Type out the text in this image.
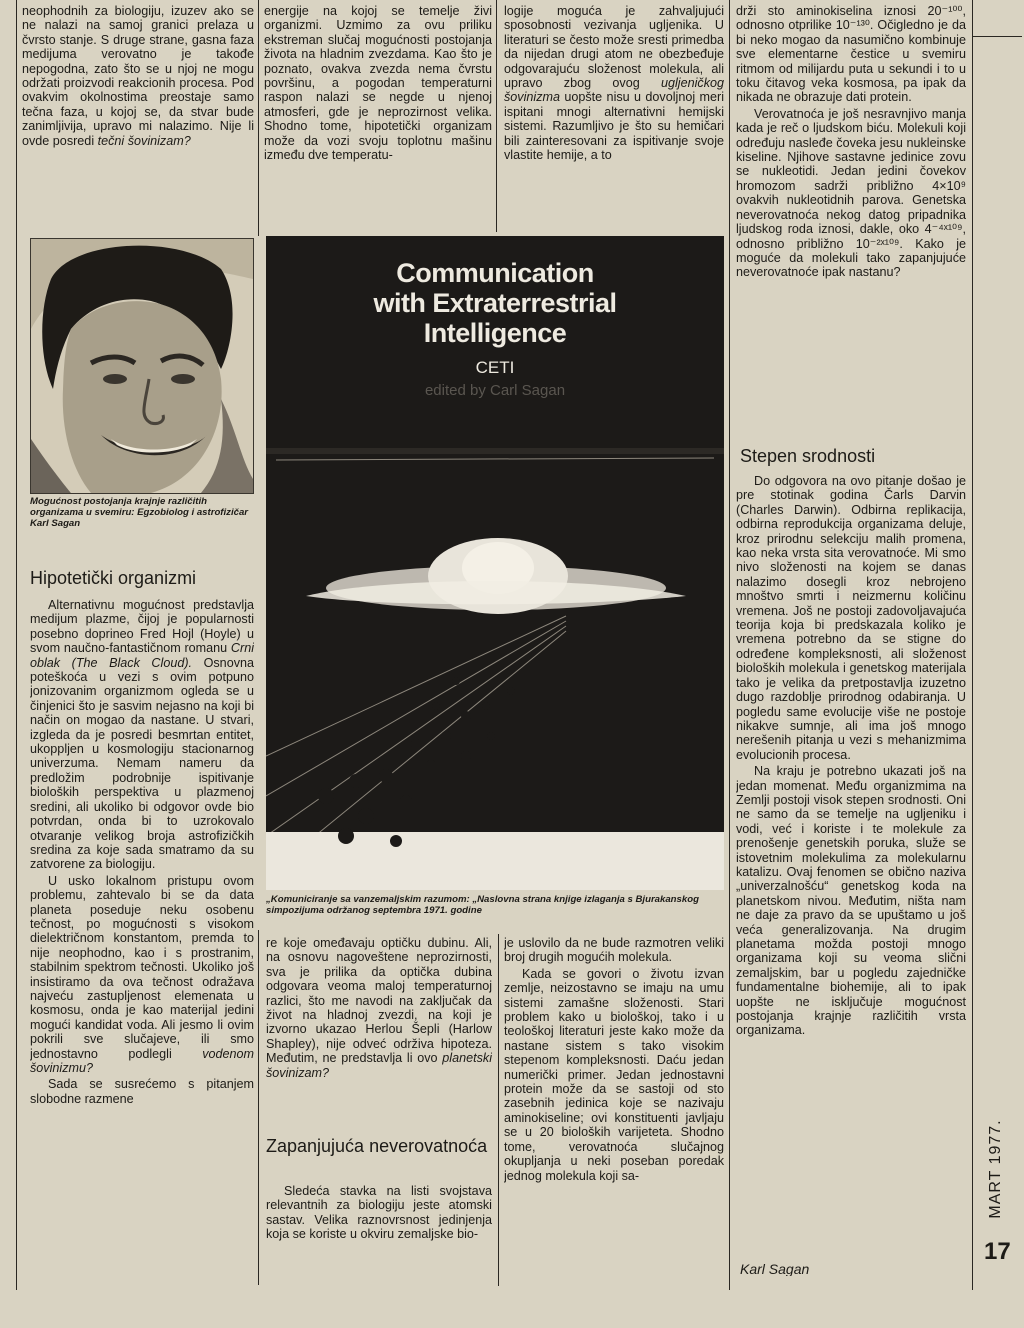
neophodnih za biologiju, izuzev ako se ne nalazi na samoj granici prelaza u čvrsto stanje. S druge strane, gasna faza medijuma verovatno je takođe nepogodna, zato što se u njoj ne mogu održati proizvodi reakcionih procesa. Pod ovakvim okolnostima preostaje samo tečna faza, u kojoj se, da stvar bude zanimljivija, upravo mi nalazimo. Nije li ovde posredi tečni šovinizam?

Mogućnost postojanja krajnje različitih organizama u svemiru: Egzobiolog i astrofizičar Karl Sagan
Hipotetički organizmi

Alternativnu mogućnost predstavlja medijum plazme, čijoj je popularnosti posebno doprineo Fred Hojl (Hoyle) u svom naučno-fantastičnom romanu Crni oblak (The Black Cloud). Osnovna poteškoća u vezi s ovim potpuno jonizovanim organizmom ogleda se u činjenici što je sasvim nejasno na koji bi način on mogao da nastane. U stvari, izgleda da je posredi besmrtan entitet, ukoppljen u kosmologiju stacionarnog univerzuma. Nemam nameru da predložim podrobnije ispitivanje bioloških perspektiva u plazmenoj sredini, ali ukoliko bi odgovor ovde bio potvrdan, onda bi to uzrokovalo otvaranje velikog broja astrofizičkih sredina za koje sada smatramo da su zatvorene za biologiju.

U usko lokalnom pristupu ovom problemu, zahtevalo bi se da data planeta poseduje neku osobenu tečnost, po mogućnosti s visokom dielektričnom konstantom, premda to nije neophodno, kao i s prostranim, stabilnim spektrom tečnosti. Ukoliko još insistiramo da ova tečnost odražava najveću zastupljenost elemenata u kosmosu, onda je kao materijal jedini mogući kandidat voda. Ali jesmo li ovim pokrili sve slučajeve, ili smo jednostavno podlegli vodenom šovinizmu?

Sada se susrećemo s pitanjem slobodne razmene

energije na kojoj se temelje živi organizmi. Uzmimo za ovu priliku ekstreman slučaj mogućnosti postojanja života na hladnim zvezdama. Kao što je poznato, ovakva zvezda nema čvrstu površinu, a pogodan temperaturni raspon nalazi se negde u njenoj atmosferi, gde je neprozirnost velika. Shodno tome, hipotetički organizam može da vozi svoju toplotnu mašinu između dve temperatu-

logije moguća je zahvaljujući sposobnosti vezivanja ugljenika. U literaturi se često može sresti primedba da nijedan drugi atom ne obezbeđuje odgovarajuću složenost molekula, ali upravo zbog ovog ugljeničkog šovinizma uopšte nisu u dovoljnoj meri ispitani mnogi alternativni hemijski sistemi. Razumljivo je što su hemičari bili zainteresovani za ispitivanje svoje vlastite hemije, a to

Communication
with Extraterrestrial
Intelligence
CETI
edited by Carl Sagan
„Komuniciranje sa vanzemaljskim razumom: „Naslovna strana knjige izlaganja s Bjurakanskog simpozijuma održanog septembra 1971. godine

re koje omeđavaju optičku dubinu. Ali, na osnovu nagoveštene neprozirnosti, sva je prilika da optička dubina odgovara veoma maloj temperaturnoj razlici, što me navodi na zaključak da život na hladnoj zvezdi, na koji je izvorno ukazao Herlou Šepli (Harlow Shapley), nije odveć održiva hipoteza. Međutim, ne predstavlja li ovo planetski šovinizam?

Zapanjujuća neverovatnoća

Sledeća stavka na listi svojstava relevantnih za biologiju jeste atomski sastav. Velika raznovrsnost jedinjenja koja se koriste u okviru zemaljske bio-

je uslovilo da ne bude razmotren veliki broj drugih mogućih molekula.

Kada se govori o životu izvan zemlje, neizostavno se imaju na umu sistemi zamašne složenosti. Stari problem kako u biološkoj, tako i u teološkoj literaturi jeste kako može da nastane sistem s tako visokim stepenom kompleksnosti. Daću jedan numerički primer. Jedan jednostavni protein može da se sastoji od sto zasebnih jedinica koje se nazivaju aminokiseline; ovi konstituenti javljaju se u 20 bioloških varijeteta. Shodno tome, verovatnoća slučajnog okupljanja u neki poseban poredak jednog molekula koji sa-

drži sto aminokiselina iznosi 20⁻¹⁰⁰, odnosno otprilike 10⁻¹³⁰. Očigledno je da bi neko mogao da nasumično kombinuje sve elementarne čestice u svemiru ritmom od milijardu puta u sekundi i to u toku čitavog veka kosmosa, pa ipak da nikada ne obrazuje dati protein.

Verovatnoća je još nesravnjivo manja kada je reč o ljudskom biću. Molekuli koji određuju nasleđe čoveka jesu nukleinske kiseline. Njihove sastavne jedinice zovu se nukleotidi. Jedan jedini čovekov hromozom sadrži približno 4×10⁹ ovakvih nukleotidnih parova. Genetska neverovatnoća nekog datog pripadnika ljudskog roda iznosi, dakle, oko 4⁻⁴ˣ¹⁰⁹, odnosno približno 10⁻²ˣ¹⁰⁹. Kako je moguće da molekuli tako zapanjujuće neverovatnoće ipak nastanu?

Stepen srodnosti

Do odgovora na ovo pitanje došao je pre stotinak godina Čarls Darvin (Charles Darwin). Odbirna replikacija, odbirna reprodukcija organizama deluje, kroz prirodnu selekciju malih promena, kao neka vrsta sita verovatnoće. Mi smo nivo složenosti na kojem se danas nalazimo dosegli kroz nebrojeno mnoštvo smrti i neizmernu količinu vremena. Još ne postoji zadovoljavajuća teorija koja bi predskazala koliko je vremena potrebno da se stigne do određene kompleksnosti, ali složenost bioloških molekula i genetskog materijala tako je velika da pretpostavlja izuzetno dugo razdoblje prirodnog odabiranja. U pogledu same evolucije više ne postoje nikakve sumnje, ali ima još mnogo nerešenih pitanja u vezi s mehanizmima evolucionih procesa.

Na kraju je potrebno ukazati još na jedan momenat. Među organizmima na Zemlji postoji visok stepen srodnosti. Oni ne samo da se temelje na ugljeniku i vodi, već i koriste i te molekule za prenošenje genetskih poruka, služe se istovetnim molekulima za molekularnu katalizu. Ovaj fenomen se obično naziva „univerzalnošću“ genetskog koda na planetskom nivou. Međutim, ništa nam ne daje za pravo da se upuštamo u još veća generalizovanja. Na drugim planetama možda postoji mnogo organizama koji su veoma slični zemaljskim, bar u pogledu zajedničke fundamentalne biohemije, ali to ipak uopšte ne isključuje mogućnost postojanja krajnje različitih vrsta organizama.

Karl Sagan
MART 1977.
17
